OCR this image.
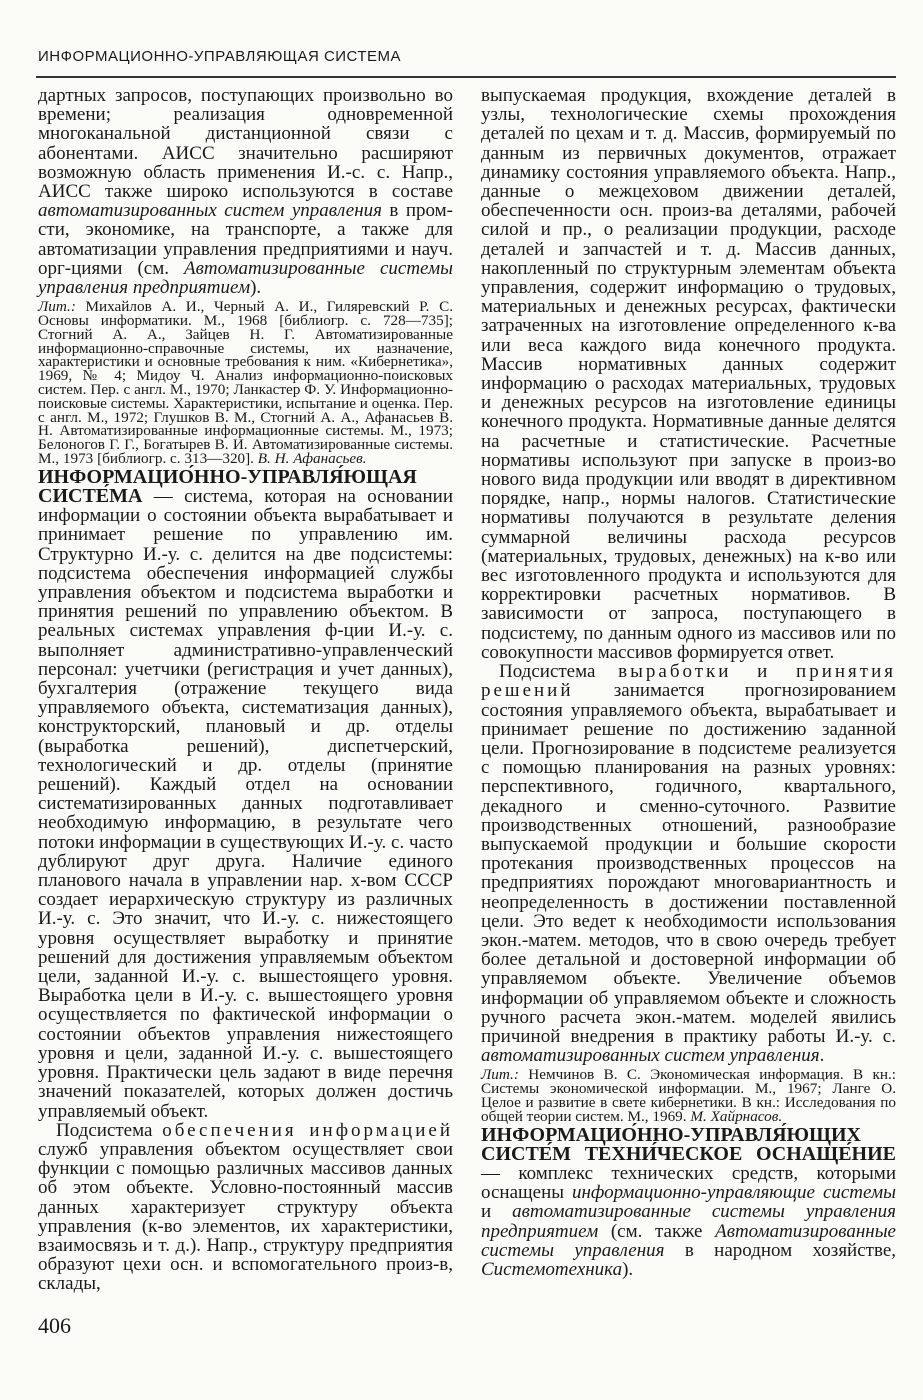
ИНФОРМАЦИОННО-УПРАВЛЯЮЩАЯ СИСТЕМА

дартных запросов, поступающих произвольно во времени; реализация одновременной многоканальной дистанционной связи с абонентами. АИСС значительно расширяют возможную область применения И.-с. с. Напр., АИСС также широко используются в составе автоматизированных систем управления в пром-сти, экономике, на транспорте, а также для автоматизации управления предприятиями и науч. орг-циями (см. Автоматизированные системы управления предприятием).

Лит.: Михайлов А. И., Черный А. И., Гиляревский Р. С. Основы информатики. М., 1968 [библиогр. с. 728—735]; Стогний А. А., Зайцев Н. Г. Автоматизированные информационно-справочные системы, их назначение, характеристики и основные требования к ним. «Кибернетика», 1969, № 4; Мидоу Ч. Анализ информационно-поисковых систем. Пер. с англ. М., 1970; Ланкастер Ф. У. Информационно-поисковые системы. Характеристики, испытание и оценка. Пер. с англ. М., 1972; Глушков В. М., Стогний А. А., Афанасьев В. Н. Автоматизированные информационные системы. М., 1973; Белоногов Г. Г., Богатырев В. И. Автоматизированные системы. М., 1973 [библиогр. с. 313—320]. В. Н. Афанасьев.

ИНФОРМАЦИО́ННО-УПРАВЛЯ́ЮЩАЯ СИСТЕ́МА — система, которая на основании информации о состоянии объекта вырабатывает и принимает решение по управлению им. Структурно И.-у. с. делится на две подсистемы: подсистема обеспечения информацией службы управления объектом и подсистема выработки и принятия решений по управлению объектом. В реальных системах управления ф-ции И.-у. с. выполняет административно-управленческий персонал: учетчики (регистрация и учет данных), бухгалтерия (отражение текущего вида управляемого объекта, систематизация данных), конструкторский, плановый и др. отделы (выработка решений), диспетчерский, технологический и др. отделы (принятие решений). Каждый отдел на основании систематизированных данных подготавливает необходимую информацию, в результате чего потоки информации в существующих И.-у. с. часто дублируют друг друга. Наличие единого планового начала в управлении нар. х-вом СССР создает иерархическую структуру из различных И.-у. с. Это значит, что И.-у. с. нижестоящего уровня осуществляет выработку и принятие решений для достижения управляемым объектом цели, заданной И.-у. с. вышестоящего уровня. Выработка цели в И.-у. с. вышестоящего уровня осуществляется по фактической информации о состоянии объектов управления нижестоящего уровня и цели, заданной И.-у. с. вышестоящего уровня. Практически цель задают в виде перечня значений показателей, которых должен достичь управляемый объект.

Подсистема обеспечения информацией служб управления объектом осуществляет свои функции с помощью различных массивов данных об этом объекте. Условно-постоянный массив данных характеризует структуру объекта управления (к-во элементов, их характеристики, взаимосвязь и т. д.). Напр., структуру предприятия образуют цехи осн. и вспомогательного произ-в, склады,

выпускаемая продукция, вхождение деталей в узлы, технологические схемы прохождения деталей по цехам и т. д. Массив, формируемый по данным из первичных документов, отражает динамику состояния управляемого объекта. Напр., данные о межцеховом движении деталей, обеспеченности осн. произ-ва деталями, рабочей силой и пр., о реализации продукции, расходе деталей и запчастей и т. д. Массив данных, накопленный по структурным элементам объекта управления, содержит информацию о трудовых, материальных и денежных ресурсах, фактически затраченных на изготовление определенного к-ва или веса каждого вида конечного продукта. Массив нормативных данных содержит информацию о расходах материальных, трудовых и денежных ресурсов на изготовление единицы конечного продукта. Нормативные данные делятся на расчетные и статистические. Расчетные нормативы используют при запуске в произ-во нового вида продукции или вводят в директивном порядке, напр., нормы налогов. Статистические нормативы получаются в результате деления суммарной величины расхода ресурсов (материальных, трудовых, денежных) на к-во или вес изготовленного продукта и используются для корректировки расчетных нормативов. В зависимости от запроса, поступающего в подсистему, по данным одного из массивов или по совокупности массивов формируется ответ.

Подсистема выработки и принятия решений занимается прогнозированием состояния управляемого объекта, вырабатывает и принимает решение по достижению заданной цели. Прогнозирование в подсистеме реализуется с помощью планирования на разных уровнях: перспективного, годичного, квартального, декадного и сменно-суточного. Развитие производственных отношений, разнообразие выпускаемой продукции и большие скорости протекания производственных процессов на предприятиях порождают многовариантность и неопределенность в достижении поставленной цели. Это ведет к необходимости использования экон.-матем. методов, что в свою очередь требует более детальной и достоверной информации об управляемом объекте. Увеличение объемов информации об управляемом объекте и сложность ручного расчета экон.-матем. моделей явились причиной внедрения в практику работы И.-у. с. автоматизированных систем управления.

Лит.: Немчинов В. С. Экономическая информация. В кн.: Системы экономической информации. М., 1967; Ланге О. Целое и развитие в свете кибернетики. В кн.: Исследования по общей теории систем. М., 1969. М. Хайрнасов.

ИНФОРМАЦИО́ННО-УПРАВЛЯ́ЮЩИХ СИСТЕ́М ТЕХНИ́ЧЕСКОЕ ОСНАЩЕ́НИЕ — комплекс технических средств, которыми оснащены информационно-управляющие системы и автоматизированные системы управления предприятием (см. также Автоматизированные системы управления в народном хозяйстве, Системотехника).

406
